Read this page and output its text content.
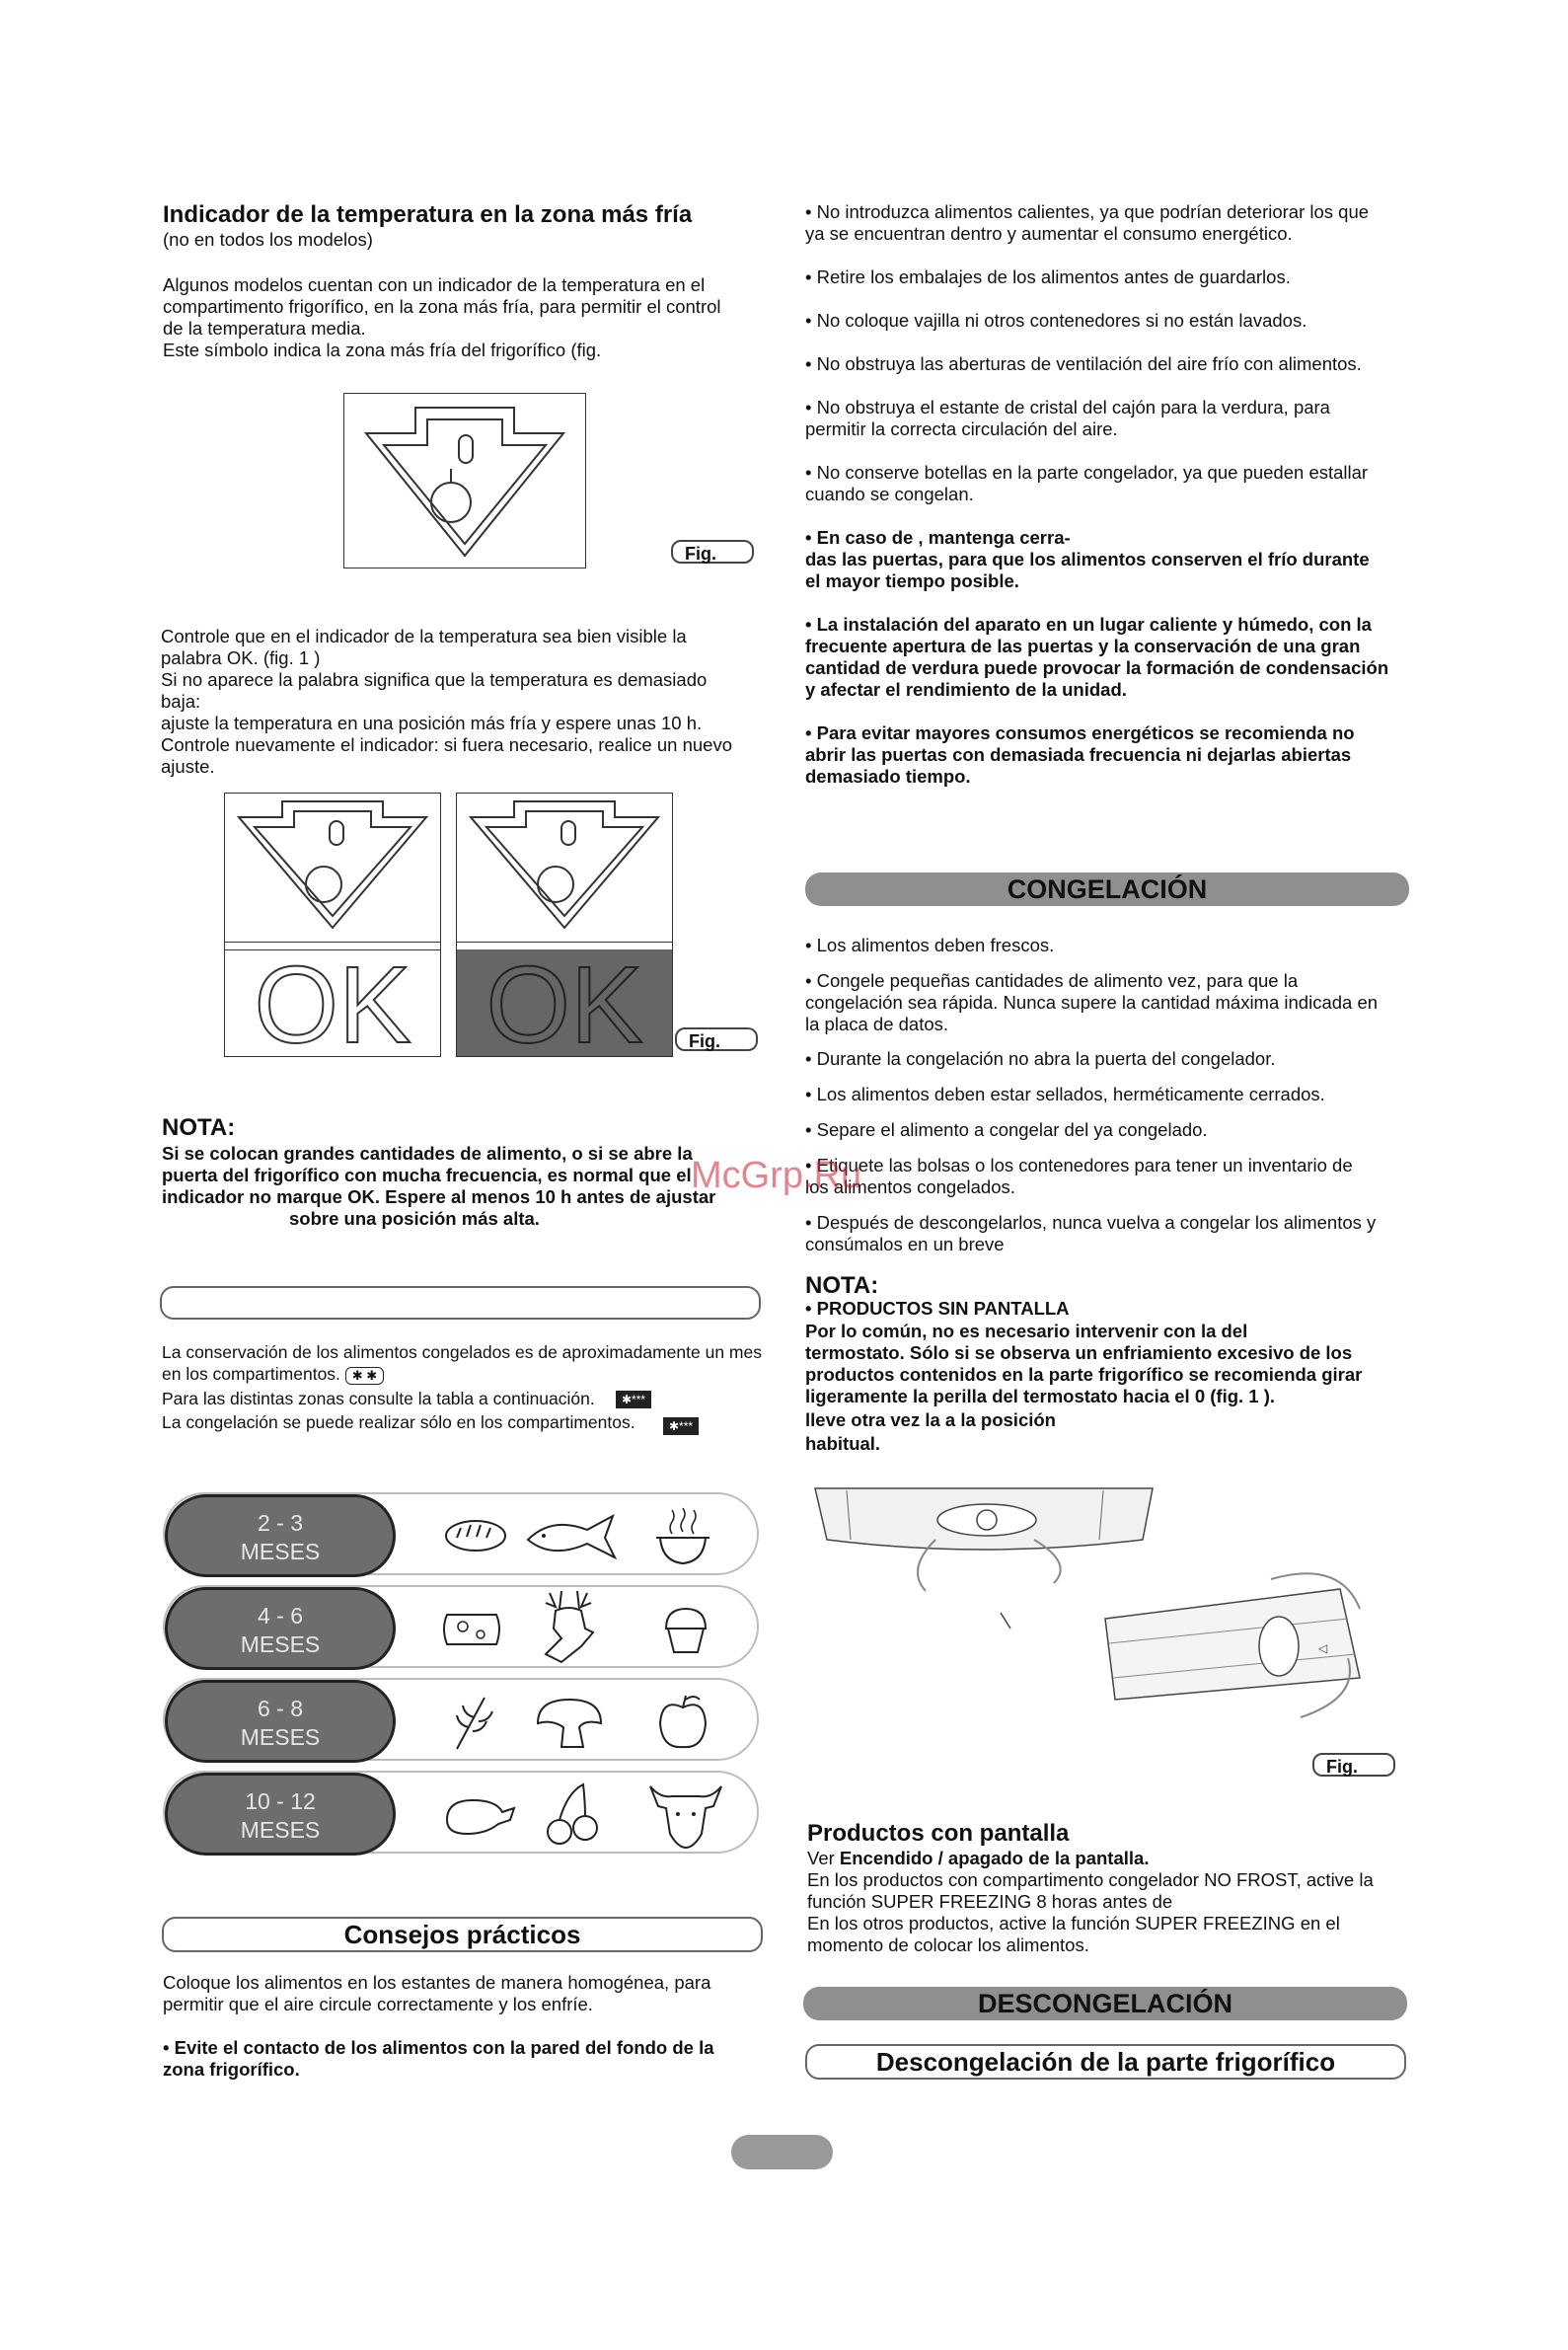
Indicador de la temperatura en la zona más fría
(no en todos los modelos)
Algunos modelos cuentan con un indicador de la temperatura en el
compartimento frigorífico, en la zona más fría, para permitir el control
de la temperatura media.
Este símbolo indica la zona más fría del frigorífico (fig.
Fig.
Controle que en el indicador de la temperatura sea bien visible la
palabra OK. (fig. 1 )
Si no aparece la palabra significa que la temperatura es demasiado
baja:
ajuste la temperatura en una posición más fría y espere unas 10 h.
Controle nuevamente el indicador: si fuera necesario, realice un nuevo
ajuste.
OK OK	Fig.
NOTA:
Si se colocan grandes cantidades de alimento, o si se abre la
puerta del frigorífico con mucha frecuencia, es normal que el
indicador no marque OK. Espere al menos 10 h antes de ajustar
sobre una posición más alta.
La conservación de los alimentos congelados es de aproximadamente un mes
en los compartimentos. ✱ ✱
Para las distintas zonas consulte la tabla a continuación.	✱***
La congelación se puede realizar sólo en los compartimentos.	✱***
2 - 3
MESES
4 - 6
MESES
6 - 8
MESES
10 - 12
MESES
Consejos prácticos
Coloque los alimentos en los estantes de manera homogénea, para
permitir que el aire circule correctamente y los enfríe.
• Evite el contacto de los alimentos con la pared del fondo de la
zona frigorífico.
• No introduzca alimentos calientes, ya que podrían deteriorar los que
ya se encuentran dentro y aumentar el consumo energético.
• Retire los embalajes de los alimentos antes de guardarlos.
• No coloque vajilla ni otros contenedores si no están lavados.
• No obstruya las aberturas de ventilación del aire frío con alimentos.
• No obstruya el estante de cristal del cajón para la verdura, para
permitir la correcta circulación del aire.
• No conserve botellas en la parte congelador, ya que pueden estallar
cuando se congelan.
• En caso de , mantenga cerra-
das las puertas, para que los alimentos conserven el frío durante
el mayor tiempo posible.
• La instalación del aparato en un lugar caliente y húmedo, con la
frecuente apertura de las puertas y la conservación de una gran
cantidad de verdura puede provocar la formación de condensación
y afectar el rendimiento de la unidad.
• Para evitar mayores consumos energéticos se recomienda no
abrir las puertas con demasiada frecuencia ni dejarlas abiertas
demasiado tiempo.
CONGELACIÓN
• Los alimentos deben frescos.
• Congele pequeñas cantidades de alimento vez, para que la
congelación sea rápida. Nunca supere la cantidad máxima indicada en
la placa de datos.
• Durante la congelación no abra la puerta del congelador.
• Los alimentos deben estar sellados, herméticamente cerrados.
• Separe el alimento a congelar del ya congelado.
• Etiquete las bolsas o los contenedores para tener un inventario de
los alimentos congelados.
• Después de descongelarlos, nunca vuelva a congelar los alimentos y
consúmalos en un breve
McGrp.Ru
NOTA:
• PRODUCTOS SIN PANTALLA
Por lo común, no es necesario intervenir con la del
termostato. Sólo si se observa un enfriamiento excesivo de los
productos contenidos en la parte frigorífico se recomienda girar
ligeramente la perilla del termostato hacia el 0 (fig. 1 ).
lleve otra vez la a la posición
habitual.
◁
Fig.
Productos con pantalla
Ver Encendido / apagado de la pantalla.
En los productos con compartimento congelador NO FROST, active la
función SUPER FREEZING 8 horas antes de
En los otros productos, active la función SUPER FREEZING en el
momento de colocar los alimentos.
DESCONGELACIÓN
Descongelación de la parte frigorífico
